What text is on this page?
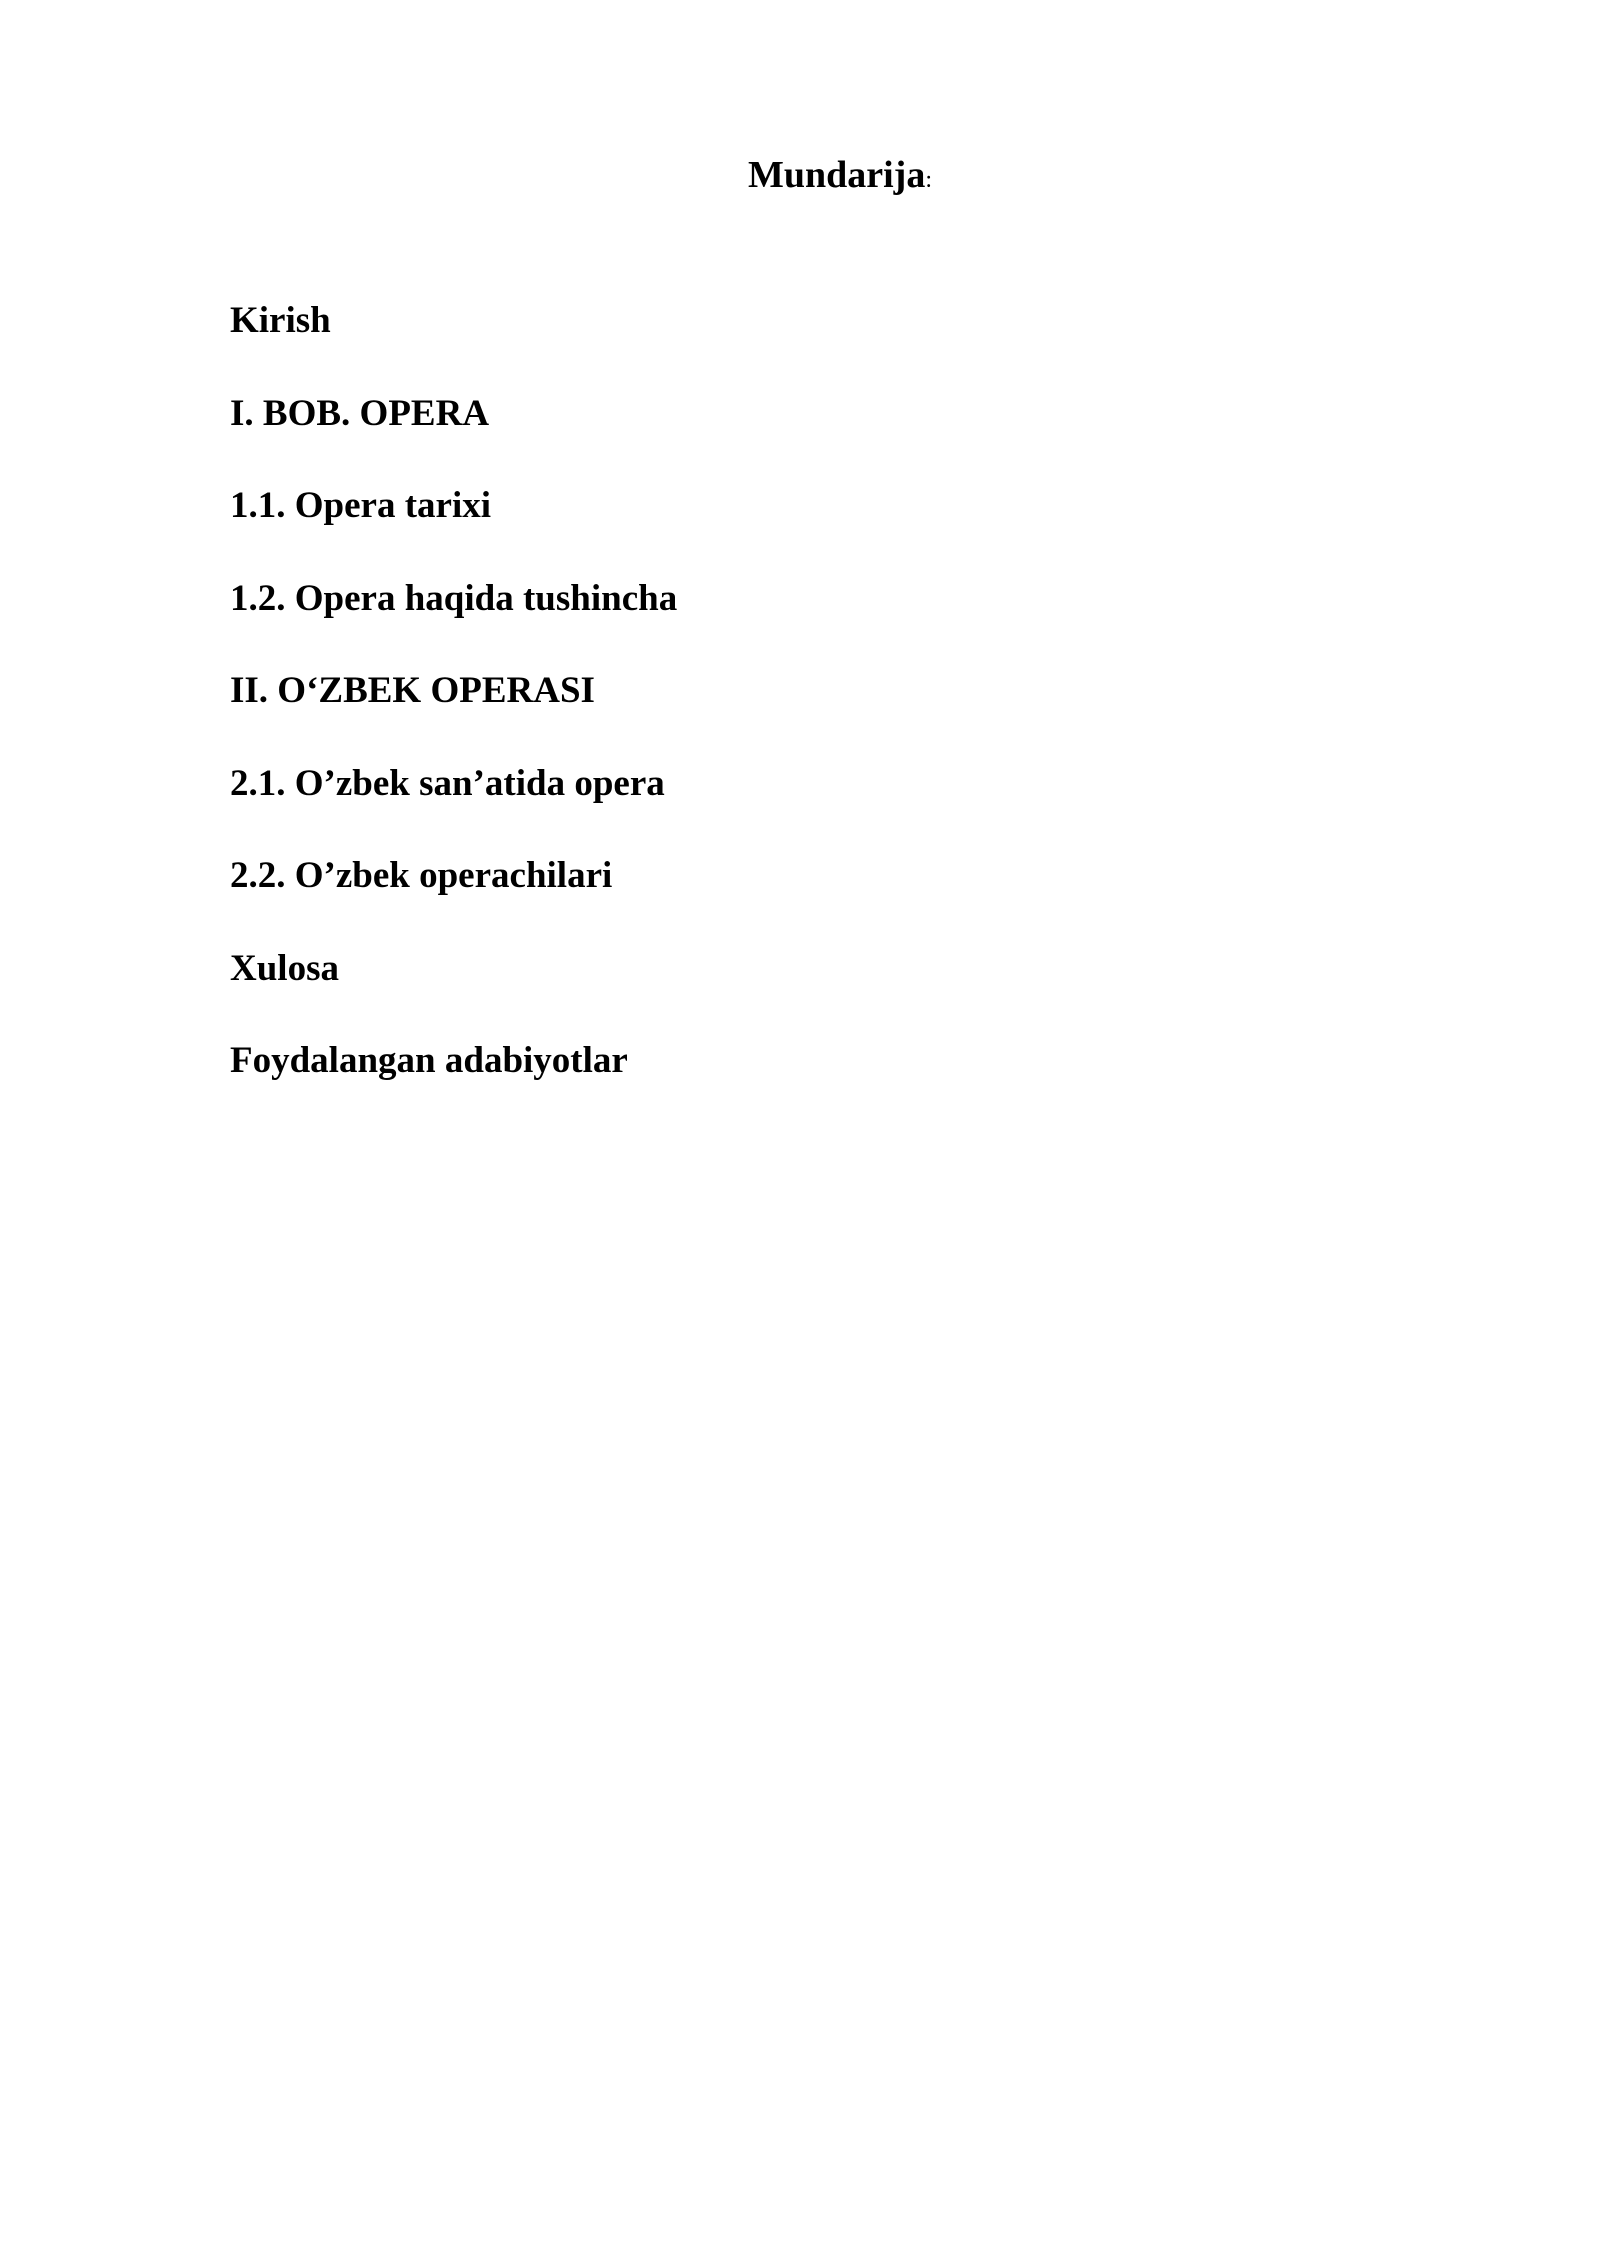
Mundarija:
Kirish
I. BOB. OPERA
1.1. Opera tarixi
1.2. Opera haqida tushincha
II. O‘ZBEK OPERASI
2.1. O’zbek san’atida opera
2.2. O’zbek operachilari
Xulosa
Foydalangan adabiyotlar
